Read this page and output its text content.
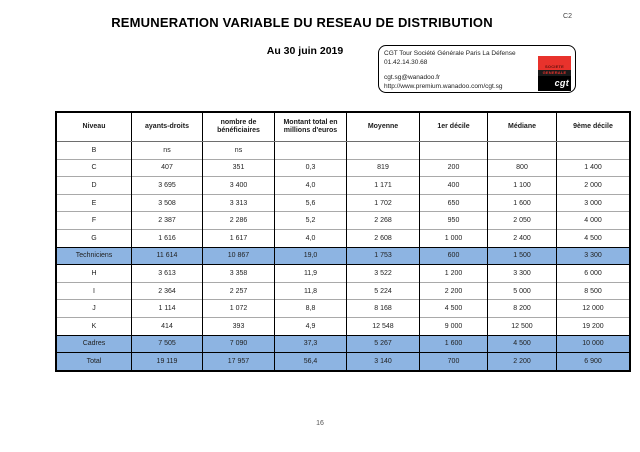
REMUNERATION VARIABLE DU RESEAU DE DISTRIBUTION	C2
Au 30 juin 2019	CGT Tour Société Générale Paris La Défense
01.42.14.30.68
cgt.sg@wanadoo.fr
http://www.premium.wanadoo.com/cgt.sg
SOCIETE
GENERALE
cgt
Niveau	ayants-droits	nombre de bénéficiaires	Montant total en millions d'euros	Moyenne	1er décile	Médiane	9ème décile
B	ns	ns					
C	407	351	0,3	819	200	800	1 400
D	3 695	3 400	4,0	1 171	400	1 100	2 000
E	3 508	3 313	5,6	1 702	650	1 600	3 000
F	2 387	2 286	5,2	2 268	950	2 050	4 000
G	1 616	1 617	4,0	2 608	1 000	2 400	4 500
Techniciens	11 614	10 867	19,0	1 753	600	1 500	3 300
H	3 613	3 358	11,9	3 522	1 200	3 300	6 000
I	2 364	2 257	11,8	5 224	2 200	5 000	8 500
J	1 114	1 072	8,8	8 168	4 500	8 200	12 000
K	414	393	4,9	12 548	9 000	12 500	19 200
Cadres	7 505	7 090	37,3	5 267	1 600	4 500	10 000
Total	19 119	17 957	56,4	3 140	700	2 200	6 900
16
